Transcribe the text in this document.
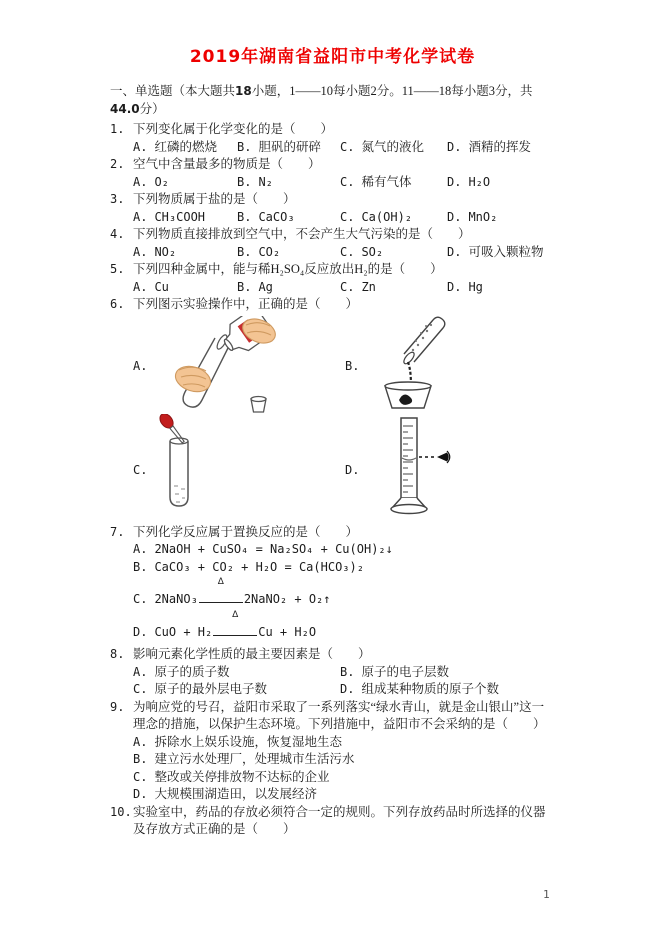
2019年湖南省益阳市中考化学试卷

一、单选题（本大题共18小题，1——10每小题2分。11——18每小题3分，共44.0分）

1. 下列变化属于化学变化的是（　　）

A. 红磷的燃烧	B. 胆矾的研碎	C. 氮气的液化	D. 酒精的挥发
2. 空气中含量最多的物质是（　　）

A. O₂	B. N₂	C. 稀有气体	D. H₂O
3. 下列物质属于盐的是（　　）

A. CH₃COOH	B. CaCO₃	C. Ca(OH)₂	D. MnO₂
4. 下列物质直接排放到空气中，不会产生大气污染的是（　　）

A. NO₂	B. CO₂	C. SO₂	D. 可吸入颗粒物
5. 下列四种金属中，能与稀H₂SO₄反应放出H₂的是（　　）

A. Cu	B. Ag	C. Zn	D. Hg
6. 下列图示实验操作中，正确的是（　　）

A.	B.
C.	D.
7. 下列化学反应属于置换反应的是（　　）

A. 2NaOH + CuSO₄ = Na₂SO₄ + Cu(OH)₂↓
B. CaCO₃ + CO₂ + H₂O = Ca(HCO₃)₂
C. 2NaNO₃
Δ
2NaNO₂ + O₂↑
D. CuO + H₂
Δ
Cu + H₂O
8. 影响元素化学性质的最主要因素是（　　）

A. 原子的质子数	B. 原子的电子层数
C. 原子的最外层电子数	D. 组成某种物质的原子个数
9. 为响应党的号召，益阳市采取了一系列落实“绿水青山，就是金山银山”这一理念的措施，以保护生态环境。下列措施中，益阳市不会采纳的是（　　）

A. 拆除水上娱乐设施，恢复湿地生态
B. 建立污水处理厂，处理城市生活污水
C. 整改或关停排放物不达标的企业
D. 大规模围湖造田，以发展经济
10. 实验室中，药品的存放必须符合一定的规则。下列存放药品时所选择的仪器及存放方式正确的是（　　）

1
